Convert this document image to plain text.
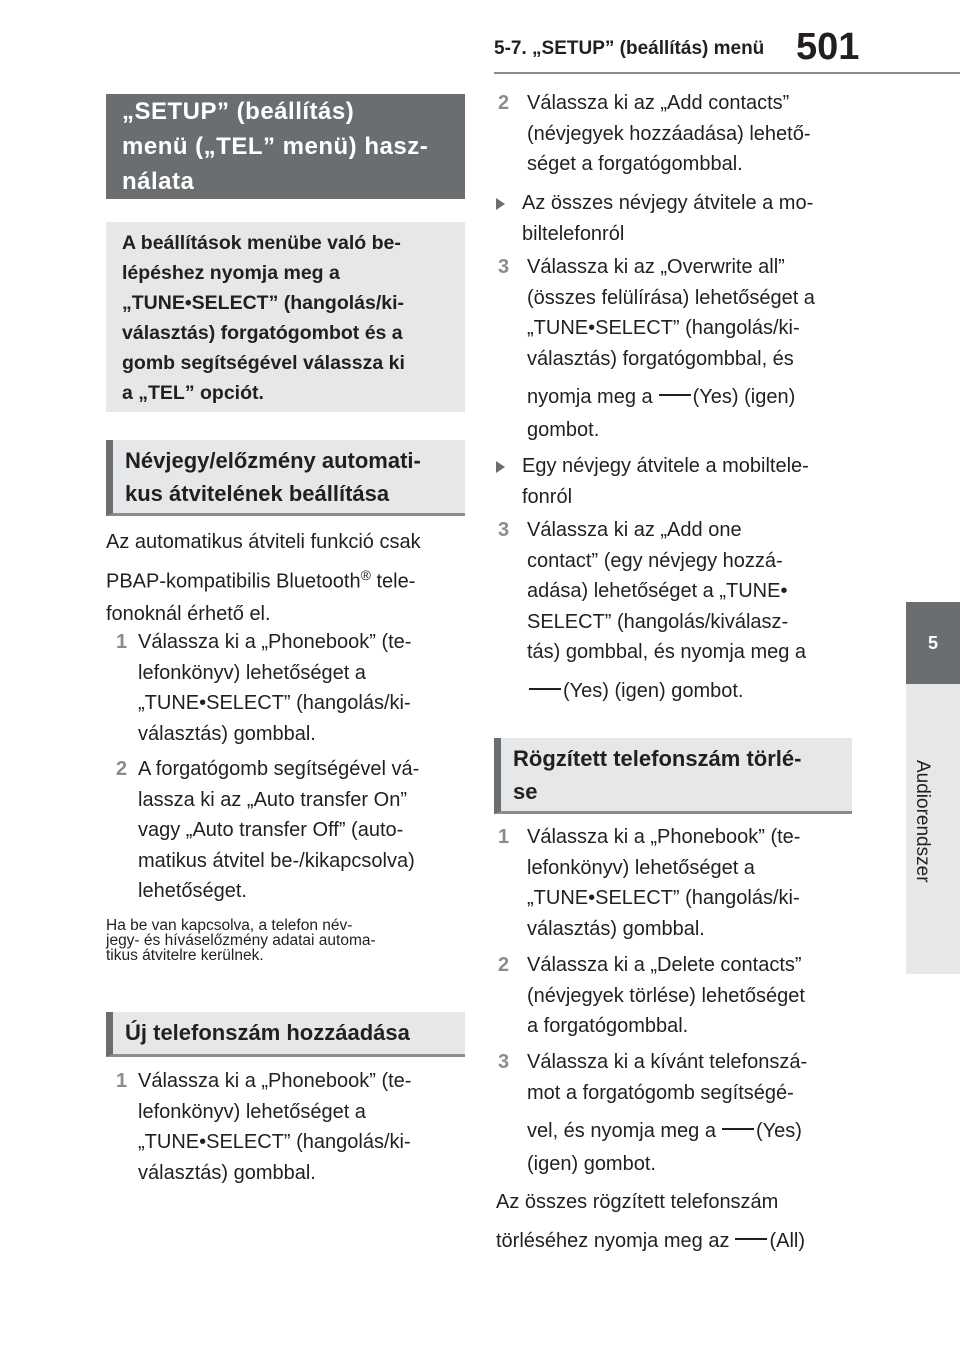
5-7. „SETUP” (beállítás) menü 501
5
Audiorendszer
„SETUP” (beállítás)
menü („TEL” menü) hasz-
nálata
A beállítások menübe való be-
lépéshez nyomja meg a
„TUNE•SELECT” (hangolás/ki-
választás) forgatógombot és a
gomb segítségével válassza ki
a „TEL” opciót.
Névjegy/előzmény automati-
kus átvitelének beállítása
Az automatikus átviteli funkció csak
PBAP-kompatibilis Bluetooth® tele-
fonoknál érhető el.
1 Válassza ki a „Phonebook” (te-
lefonkönyv) lehetőséget a
„TUNE•SELECT” (hangolás/ki-
választás) gombbal.
2 A forgatógomb segítségével vá-
lassza ki az „Auto transfer On”
vagy „Auto transfer Off” (auto-
matikus átvitel be-/kikapcsolva)
lehetőséget.
Ha be van kapcsolva, a telefon név-
jegy- és híváselőzmény adatai automa-
tikus átvitelre kerülnek.
Új telefonszám hozzáadása
1 Válassza ki a „Phonebook” (te-
lefonkönyv) lehetőséget a
„TUNE•SELECT” (hangolás/ki-
választás) gombbal.
2 Válassza ki az „Add contacts”
(névjegyek hozzáadása) lehető-
séget a forgatógombbal.
Az összes névjegy átvitele a mo-
biltelefonról
3 Válassza ki az „Overwrite all”
(összes felülírása) lehetőséget a
„TUNE•SELECT” (hangolás/ki-
választás) forgatógombbal, és
nyomja meg a (Yes) (igen)
gombot.
Egy névjegy átvitele a mobiltele-
fonról
3 Válassza ki az „Add one
contact” (egy névjegy hozzá-
adása) lehetőséget a „TUNE•
SELECT” (hangolás/kiválasz-
tás) gombbal, és nyomja meg a
(Yes) (igen) gombot.
Rögzített telefonszám törlé-
se
1 Válassza ki a „Phonebook” (te-
lefonkönyv) lehetőséget a
„TUNE•SELECT” (hangolás/ki-
választás) gombbal.
2 Válassza ki a „Delete contacts”
(névjegyek törlése) lehetőséget
a forgatógombbal.
3 Válassza ki a kívánt telefonszá-
mot a forgatógomb segítségé-
vel, és nyomja meg a (Yes)
(igen) gombot.
Az összes rögzített telefonszám
törléséhez nyomja meg az (All)
